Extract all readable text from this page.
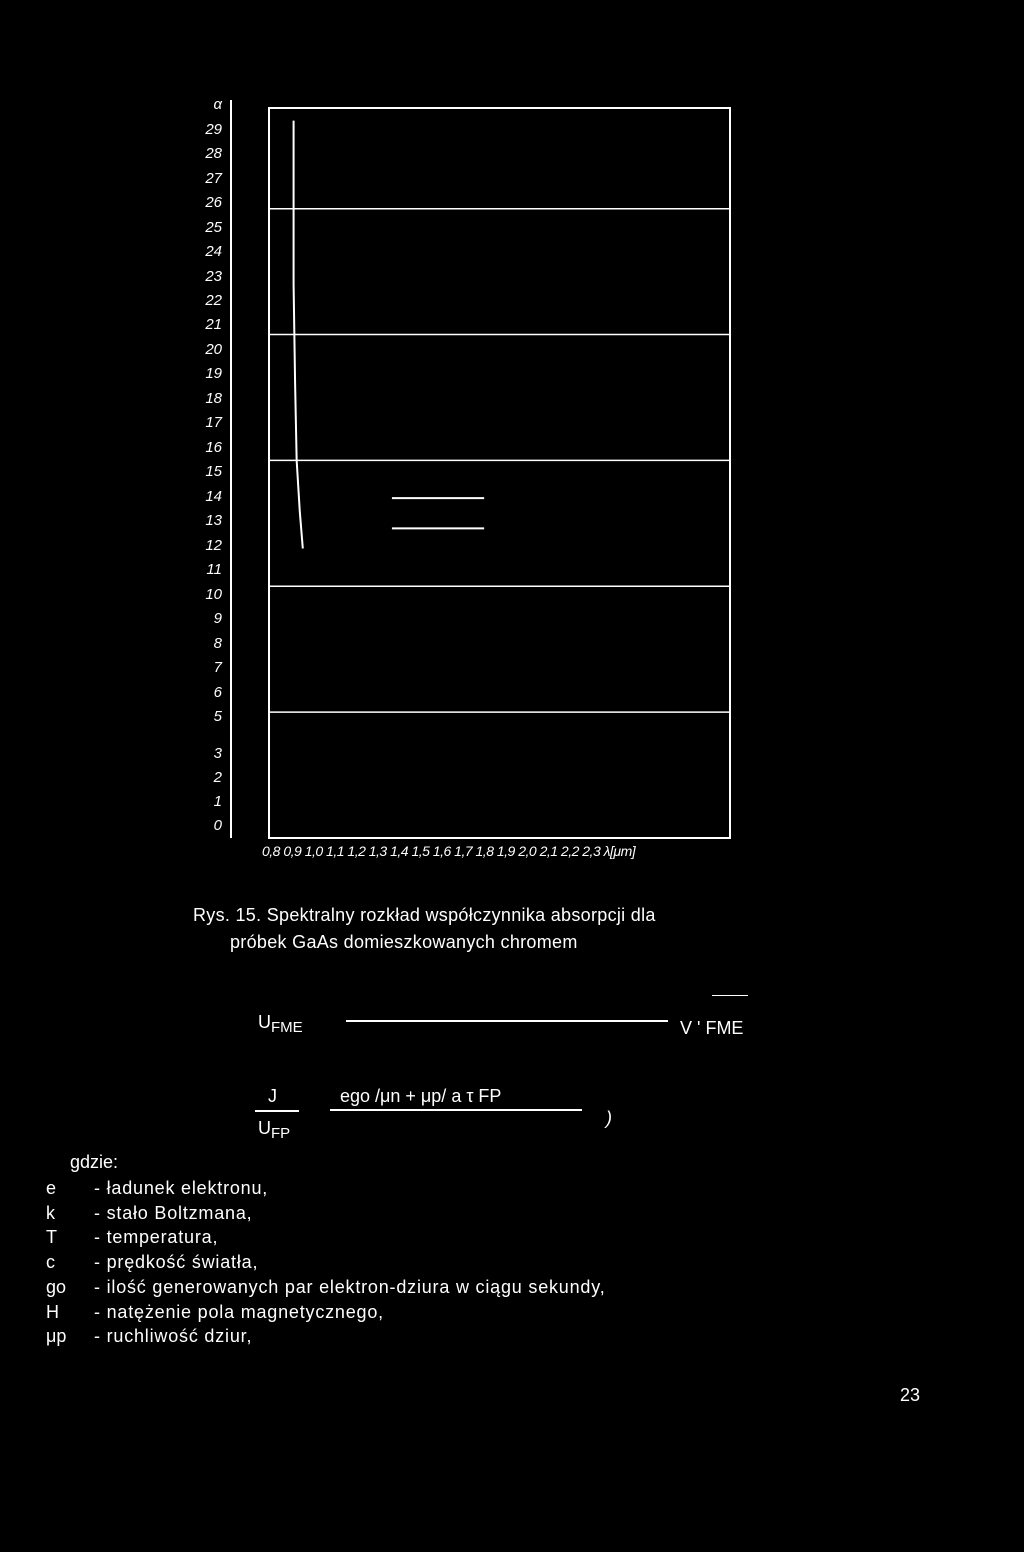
α
29
28
27
26
25
24
23
22
21
20
19
18
17
16
15
14
13
12
11
10
9
8
7
6
5
3
2
1
0
0,8 0,9 1,0 1,1 1,2 1,3 1,4 1,5 1,6 1,7 1,8 1,9 2,0 2,1 2,2 2,3 λ[μm]
Rys. 15. Spektralny rozkład współczynnika absorpcji dla
próbek GaAs domieszkowanych chromem
$U_{FME}$	V ' FME
J
$U_{FP}$
ego /μn + μp/ a τ FP
)
gdzie:
e	- ładunek elektronu,
k	- stało Boltzmana,
T	- temperatura,
c	- prędkość światła,
go	- ilość generowanych par elektron-dziura w ciągu sekundy,
H	- natężenie pola magnetycznego,
μp	- ruchliwość dziur,
23
